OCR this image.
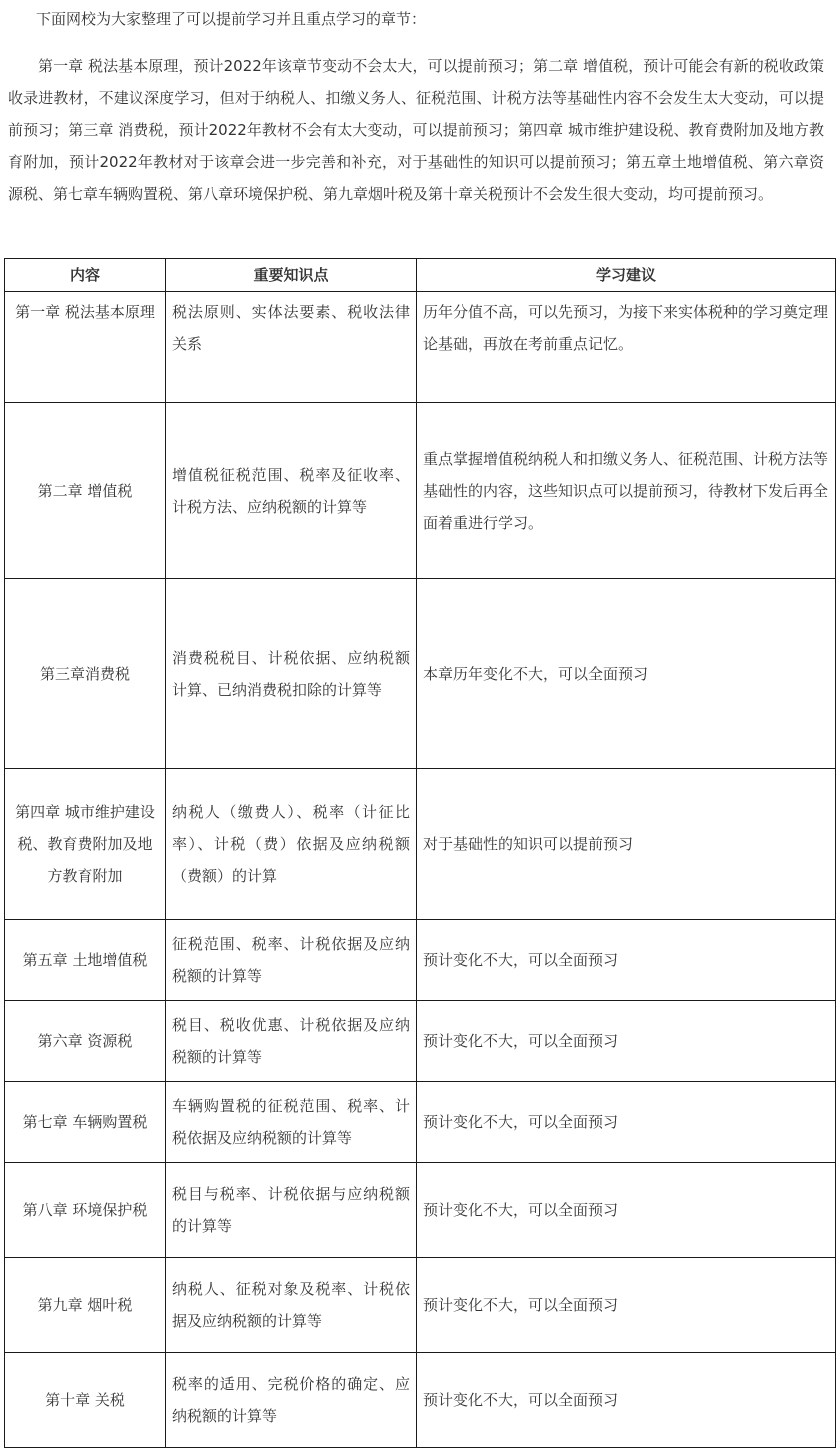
下面网校为大家整理了可以提前学习并且重点学习的章节：

第一章 税法基本原理，预计2022年该章节变动不会太大，可以提前预习；第二章 增值税，预计可能会有新的税收政策收录进教材，不建议深度学习，但对于纳税人、扣缴义务人、征税范围、计税方法等基础性内容不会发生太大变动，可以提前预习；第三章 消费税，预计2022年教材不会有太大变动，可以提前预习；第四章 城市维护建设税、教育费附加及地方教育附加，预计2022年教材对于该章会进一步完善和补充，对于基础性的知识可以提前预习；第五章土地增值税、第六章资源税、第七章车辆购置税、第八章环境保护税、第九章烟叶税及第十章关税预计不会发生很大变动，均可提前预习。

内容	重要知识点	学习建议
第一章 税法基本原理	税法原则、实体法要素、税收法律关系	历年分值不高，可以先预习，为接下来实体税种的学习奠定理论基础，再放在考前重点记忆。
第二章 增值税	增值税征税范围、税率及征收率、计税方法、应纳税额的计算等	重点掌握增值税纳税人和扣缴义务人、征税范围、计税方法等基础性的内容，这些知识点可以提前预习，待教材下发后再全面着重进行学习。
第三章消费税	消费税税目、计税依据、应纳税额计算、已纳消费税扣除的计算等	本章历年变化不大，可以全面预习
第四章 城市维护建设税、教育费附加及地方教育附加	纳税人（缴费人）、税率（计征比率）、计税（费）依据及应纳税额（费额）的计算	对于基础性的知识可以提前预习
第五章 土地增值税	征税范围、税率、计税依据及应纳税额的计算等	预计变化不大，可以全面预习
第六章 资源税	税目、税收优惠、计税依据及应纳税额的计算等	预计变化不大，可以全面预习
第七章 车辆购置税	车辆购置税的征税范围、税率、计税依据及应纳税额的计算等	预计变化不大，可以全面预习
第八章 环境保护税	税目与税率、计税依据与应纳税额的计算等	预计变化不大，可以全面预习
第九章 烟叶税	纳税人、征税对象及税率、计税依据及应纳税额的计算等	预计变化不大，可以全面预习
第十章 关税	税率的适用、完税价格的确定、应纳税额的计算等	预计变化不大，可以全面预习
